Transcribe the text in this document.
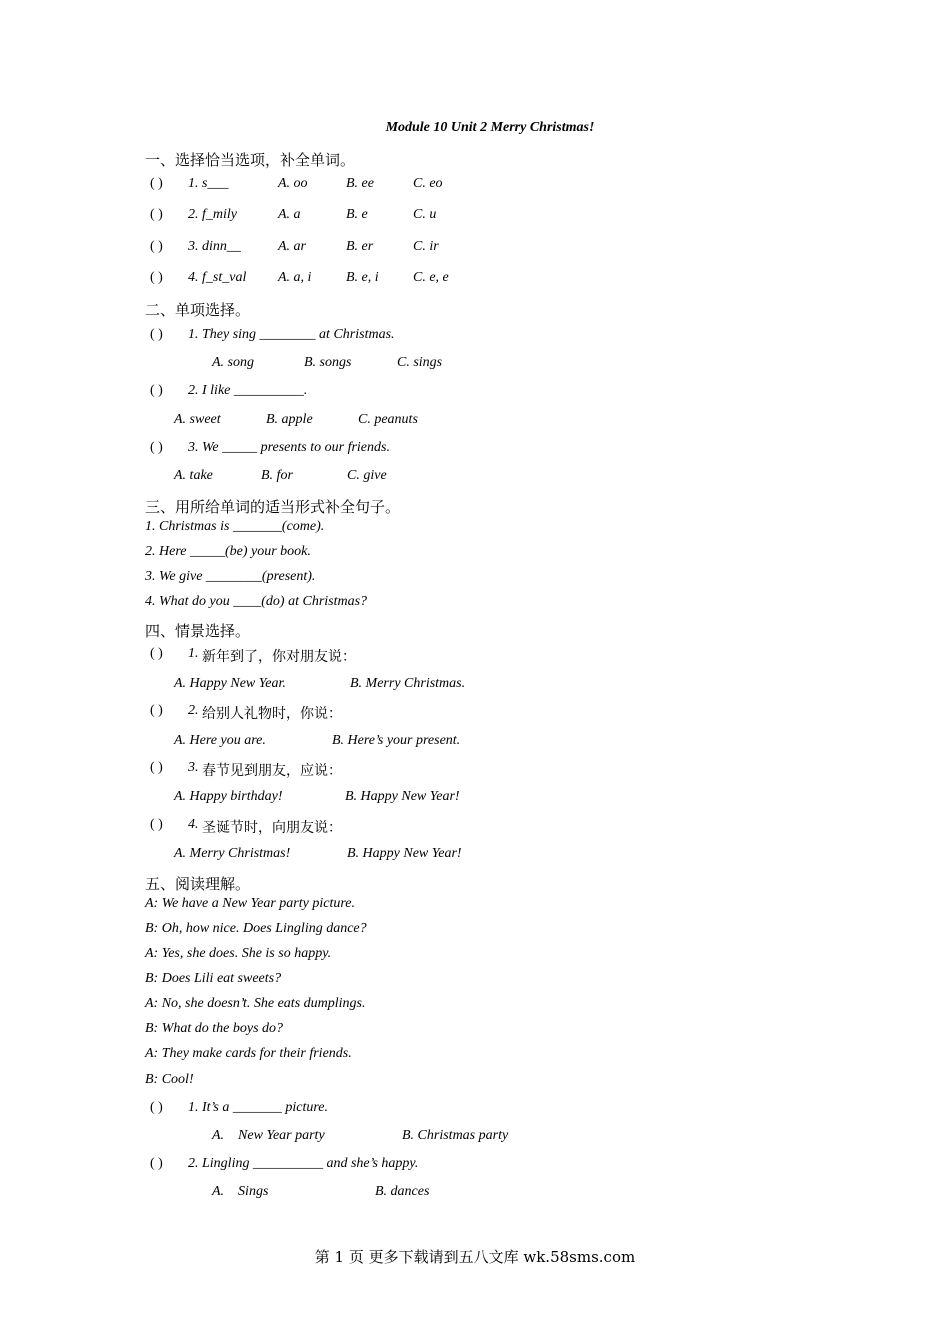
Module 10 Unit 2 Merry Christmas!
一、选择恰当选项，补全单词。
( ) 1. s___	A. oo	B. ee	C. eo
( ) 2. f_mily	A. a	B. e	C. u
( ) 3. dinn__	A. ar	B. er	C. ir
( ) 4. f_st_val A. a, i B. e, i C. e, e
二、单项选择。
( ) 1. They sing ________ at Christmas.
A. song	B. songs	C. sings
( ) 2. I like __________.
A. sweet	B. apple	C. peanuts
( ) 3. We _____ presents to our friends.
A. take	B. for	C. give
三、用所给单词的适当形式补全句子。
1. Christmas is _______(come).
2. Here _____(be) your book.
3. We give ________(present).
4. What do you ____(do) at Christmas?
四、情景选择。
( ) 1. 新年到了，你对朋友说：
A. Happy New Year.	B. Merry Christmas.
( ) 2. 给别人礼物时，你说：
A. Here you are.	B. Here’s your present.
( ) 3. 春节见到朋友，应说：
A. Happy birthday!	B. Happy New Year!
( ) 4. 圣诞节时，向朋友说：
A. Merry Christmas!	B. Happy New Year!
五、阅读理解。
A: We have a New Year party picture.
B: Oh, how nice. Does Lingling dance?
A: Yes, she does. She is so happy.
B: Does Lili eat sweets?
A: No, she doesn’t. She eats dumplings.
B: What do the boys do?
A: They make cards for their friends.
B: Cool!
( ) 1. It’s a _______ picture.
A.    New Year party	B. Christmas party
( ) 2. Lingling __________ and she’s happy.
A.    Sings	B. dances
第 1 页 更多下载请到五八文库 wk.58sms.com
